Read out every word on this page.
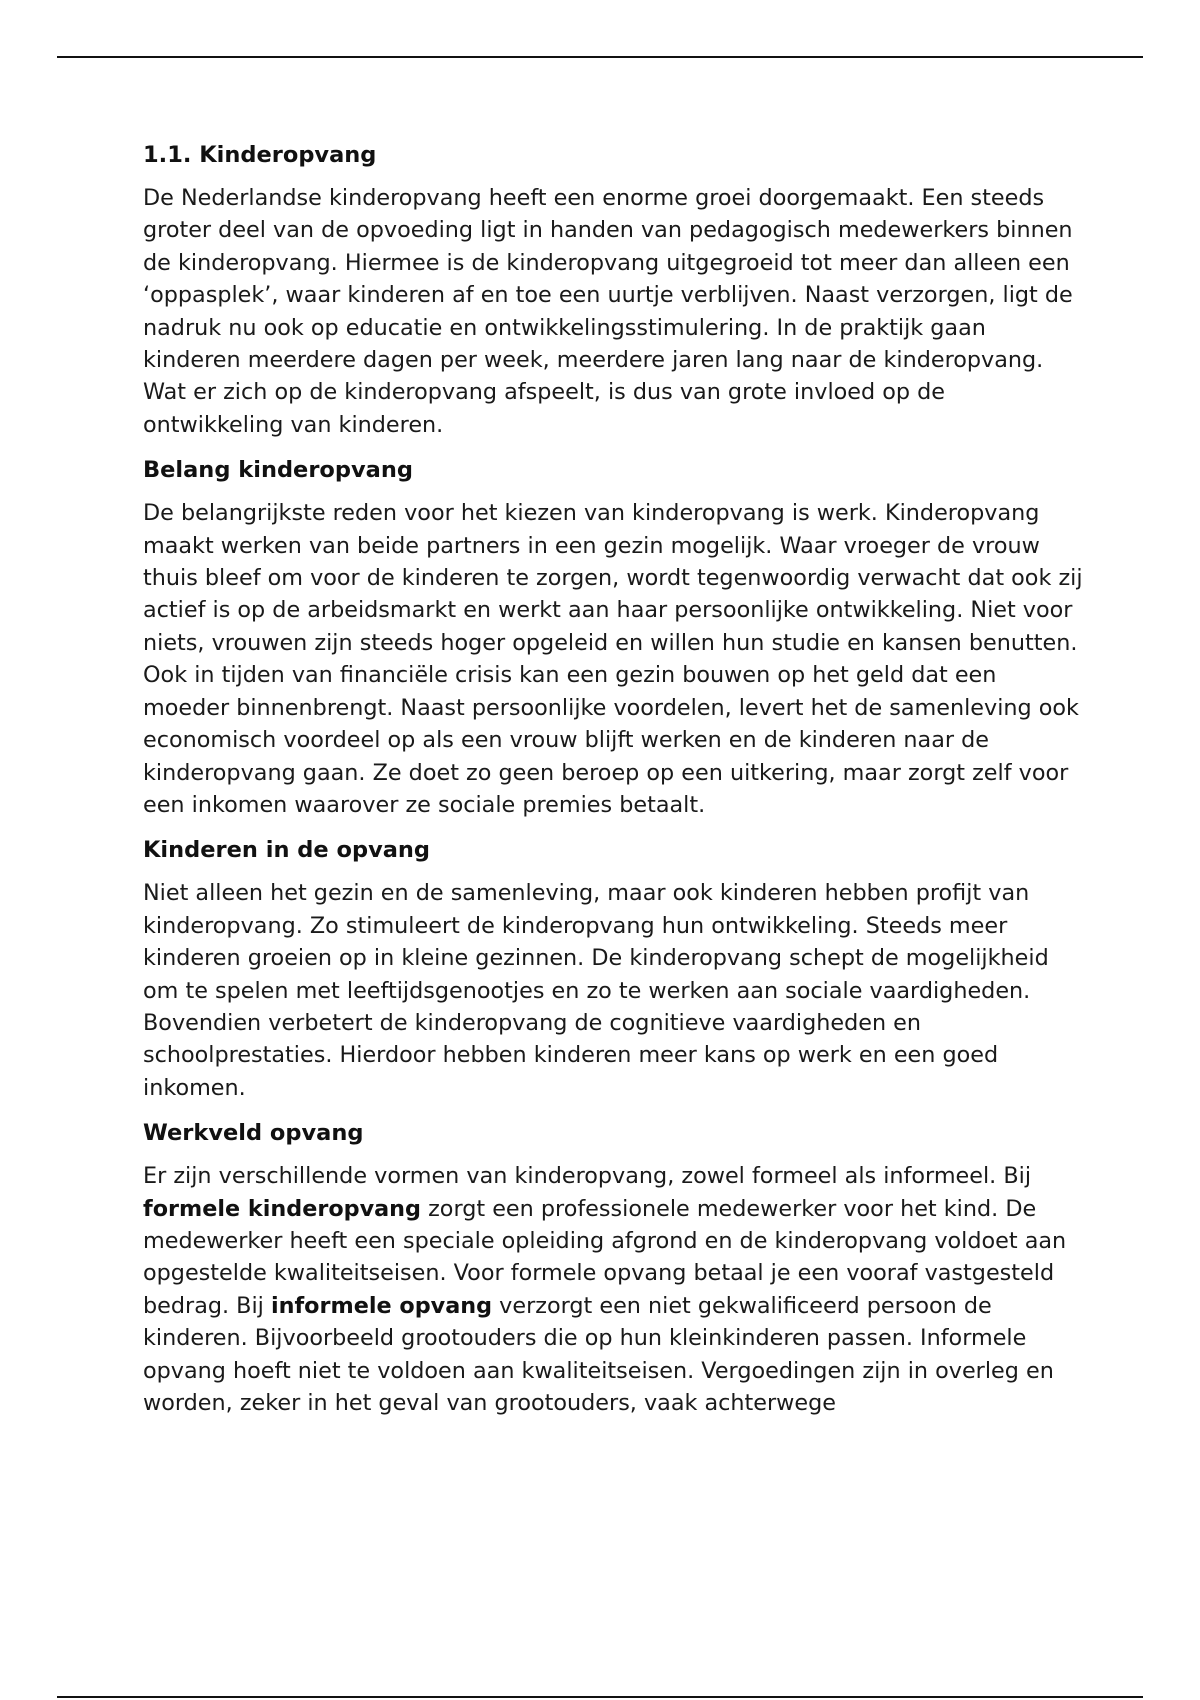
1.1. Kinderopvang

De Nederlandse kinderopvang heeft een enorme groei doorgemaakt. Een steeds groter deel van de opvoeding ligt in handen van pedagogisch medewerkers binnen de kinderopvang. Hiermee is de kinderopvang uitgegroeid tot meer dan alleen een ‘oppasplek’, waar kinderen af en toe een uurtje verblijven. Naast verzorgen, ligt de nadruk nu ook op educatie en ontwikkelingsstimulering. In de praktijk gaan kinderen meerdere dagen per week, meerdere jaren lang naar de kinderopvang. Wat er zich op de kinderopvang afspeelt, is dus van grote invloed op de ontwikkeling van kinderen.

Belang kinderopvang

De belangrijkste reden voor het kiezen van kinderopvang is werk. Kinderopvang maakt werken van beide partners in een gezin mogelijk. Waar vroeger de vrouw thuis bleef om voor de kinderen te zorgen, wordt tegenwoordig verwacht dat ook zij actief is op de arbeidsmarkt en werkt aan haar persoonlijke ontwikkeling. Niet voor niets, vrouwen zijn steeds hoger opgeleid en willen hun studie en kansen benutten. Ook in tijden van financiële crisis kan een gezin bouwen op het geld dat een moeder binnenbrengt. Naast persoonlijke voordelen, levert het de samenleving ook economisch voordeel op als een vrouw blijft werken en de kinderen naar de kinderopvang gaan. Ze doet zo geen beroep op een uitkering, maar zorgt zelf voor een inkomen waarover ze sociale premies betaalt.

Kinderen in de opvang

Niet alleen het gezin en de samenleving, maar ook kinderen hebben profijt van kinderopvang. Zo stimuleert de kinderopvang hun ontwikkeling. Steeds meer kinderen groeien op in kleine gezinnen. De kinderopvang schept de mogelijkheid om te spelen met leeftijdsgenootjes en zo te werken aan sociale vaardigheden. Bovendien verbetert de kinderopvang de cognitieve vaardigheden en schoolprestaties. Hierdoor hebben kinderen meer kans op werk en een goed inkomen.

Werkveld opvang

Er zijn verschillende vormen van kinderopvang, zowel formeel als informeel. Bij formele kinderopvang zorgt een professionele medewerker voor het kind. De medewerker heeft een speciale opleiding afgrond en de kinderopvang voldoet aan opgestelde kwaliteitseisen. Voor formele opvang betaal je een vooraf vastgesteld bedrag. Bij informele opvang verzorgt een niet gekwalificeerd persoon de kinderen. Bijvoorbeeld grootouders die op hun kleinkinderen passen. Informele opvang hoeft niet te voldoen aan kwaliteitseisen. Vergoedingen zijn in overleg en worden, zeker in het geval van grootouders, vaak achterwege
